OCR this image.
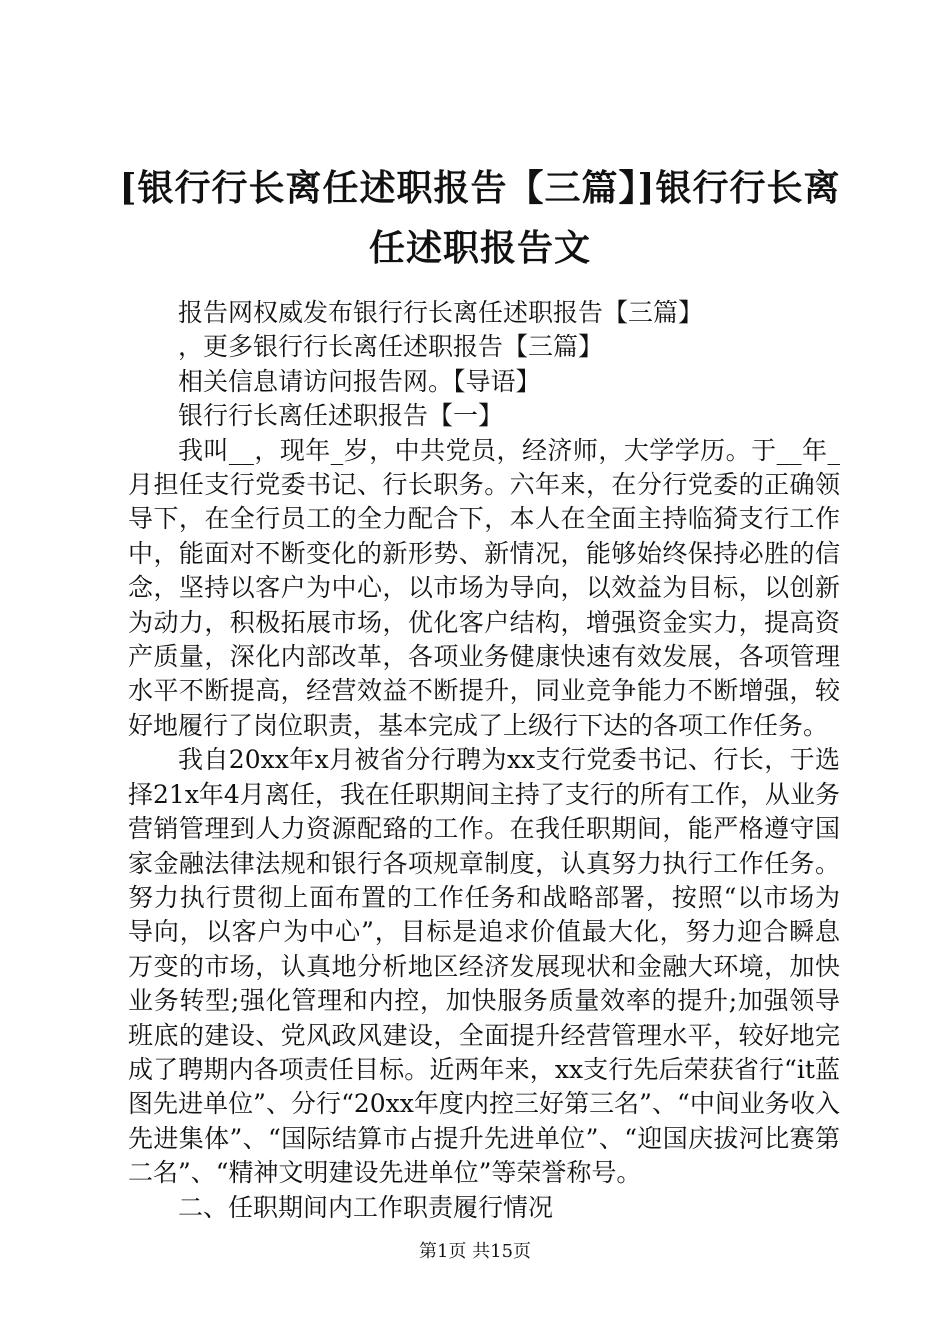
[银行行长离任述职报告【三篇】]银行行长离任述职报告文

报告网权威发布银行行长离任述职报告【三篇】

，更多银行行长离任述职报告【三篇】

相关信息请访问报告网。【导语】

银行行长离任述职报告【一】

我叫__，现年_岁，中共党员，经济师，大学学历。于__年_月担任支行党委书记、行长职务。六年来，在分行党委的正确领导下，在全行员工的全力配合下，本人在全面主持临猗支行工作中，能面对不断变化的新形势、新情况，能够始终保持必胜的信念，坚持以客户为中心，以市场为导向，以效益为目标，以创新为动力，积极拓展市场，优化客户结构，增强资金实力，提高资产质量，深化内部改革，各项业务健康快速有效发展，各项管理水平不断提高，经营效益不断提升，同业竞争能力不断增强，较好地履行了岗位职责，基本完成了上级行下达的各项工作任务。

我自20xx年x月被省分行聘为xx支行党委书记、行长，于选择21x年4月离任，我在任职期间主持了支行的所有工作，从业务营销管理到人力资源配臵的工作。在我任职期间，能严格遵守国家金融法律法规和银行各项规章制度，认真努力执行工作任务。努力执行贯彻上面布置的工作任务和战略部署，按照“以市场为导向，以客户为中心”，目标是追求价值最大化，努力迎合瞬息万变的市场，认真地分析地区经济发展现状和金融大环境，加快业务转型;强化管理和内控，加快服务质量效率的提升;加强领导班底的建设、党风政风建设，全面提升经营管理水平，较好地完成了聘期内各项责任目标。近两年来，xx支行先后荣获省行“it蓝图先进单位”、分行“20xx年度内控三好第三名”、“中间业务收入先进集体”、“国际结算市占提升先进单位”、“迎国庆拔河比赛第二名”、“精神文明建设先进单位”等荣誉称号。

二、任职期间内工作职责履行情况

第1页 共15页
